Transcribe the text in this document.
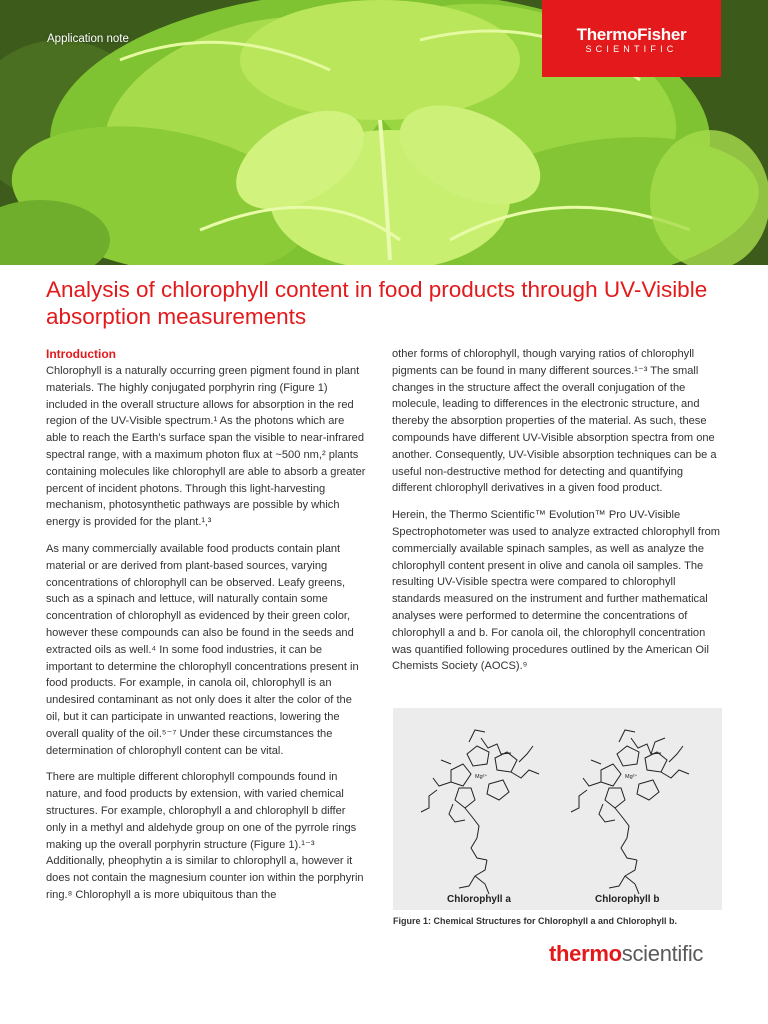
Application note	ThermoFisher
SCIENTIFIC
Analysis of chlorophyll content in food products through UV-Visible absorption measurements
Introduction

Chlorophyll is a naturally occurring green pigment found in plant materials. The highly conjugated porphyrin ring (Figure 1) included in the overall structure allows for absorption in the red region of the UV-Visible spectrum.¹ As the photons which are able to reach the Earth’s surface span the visible to near-infrared spectral range, with a maximum photon flux at ~500 nm,² plants containing molecules like chlorophyll are able to absorb a greater percent of incident photons. Through this light-harvesting mechanism, photosynthetic pathways are possible by which energy is provided for the plant.¹‚³

As many commercially available food products contain plant material or are derived from plant-based sources, varying concentrations of chlorophyll can be observed. Leafy greens, such as a spinach and lettuce, will naturally contain some concentration of chlorophyll as evidenced by their green color, however these compounds can also be found in the seeds and extracted oils as well.⁴ In some food industries, it can be important to determine the chlorophyll concentrations present in food products. For example, in canola oil, chlorophyll is an undesired contaminant as not only does it alter the color of the oil, but it can participate in unwanted reactions, lowering the overall quality of the oil.⁵⁻⁷ Under these circumstances the determination of chlorophyll content can be vital.

There are multiple different chlorophyll compounds found in nature, and food products by extension, with varied chemical structures. For example, chlorophyll a and chlorophyll b differ only in a methyl and aldehyde group on one of the pyrrole rings making up the overall porphyrin structure (Figure 1).¹⁻³ Additionally, pheophytin a is similar to chlorophyll a, however it does not contain the magnesium counter ion within the porphyrin ring.⁸ Chlorophyll a is more ubiquitous than the

other forms of chlorophyll, though varying ratios of chlorophyll pigments can be found in many different sources.¹⁻³ The small changes in the structure affect the overall conjugation of the molecule, leading to differences in the electronic structure, and thereby the absorption properties of the material. As such, these compounds have different UV-Visible absorption spectra from one another. Consequently, UV-Visible absorption techniques can be a useful non-destructive method for detecting and quantifying different chlorophyll derivatives in a given food product.

Herein, the Thermo Scientific™ Evolution™ Pro UV-Visible Spectrophotometer was used to analyze extracted chlorophyll from commercially available spinach samples, as well as analyze the chlorophyll content present in olive and canola oil samples. The resulting UV-Visible spectra were compared to chlorophyll standards measured on the instrument and further mathematical analyses were performed to determine the concentrations of chlorophyll a and b. For canola oil, the chlorophyll concentration was quantified following procedures outlined by the American Oil Chemists Society (AOCS).⁹

Mg²⁺	Mg²⁺
Chlorophyll a	Chlorophyll b
Figure 1: Chemical Structures for Chlorophyll a and Chlorophyll b.
thermoscientific
